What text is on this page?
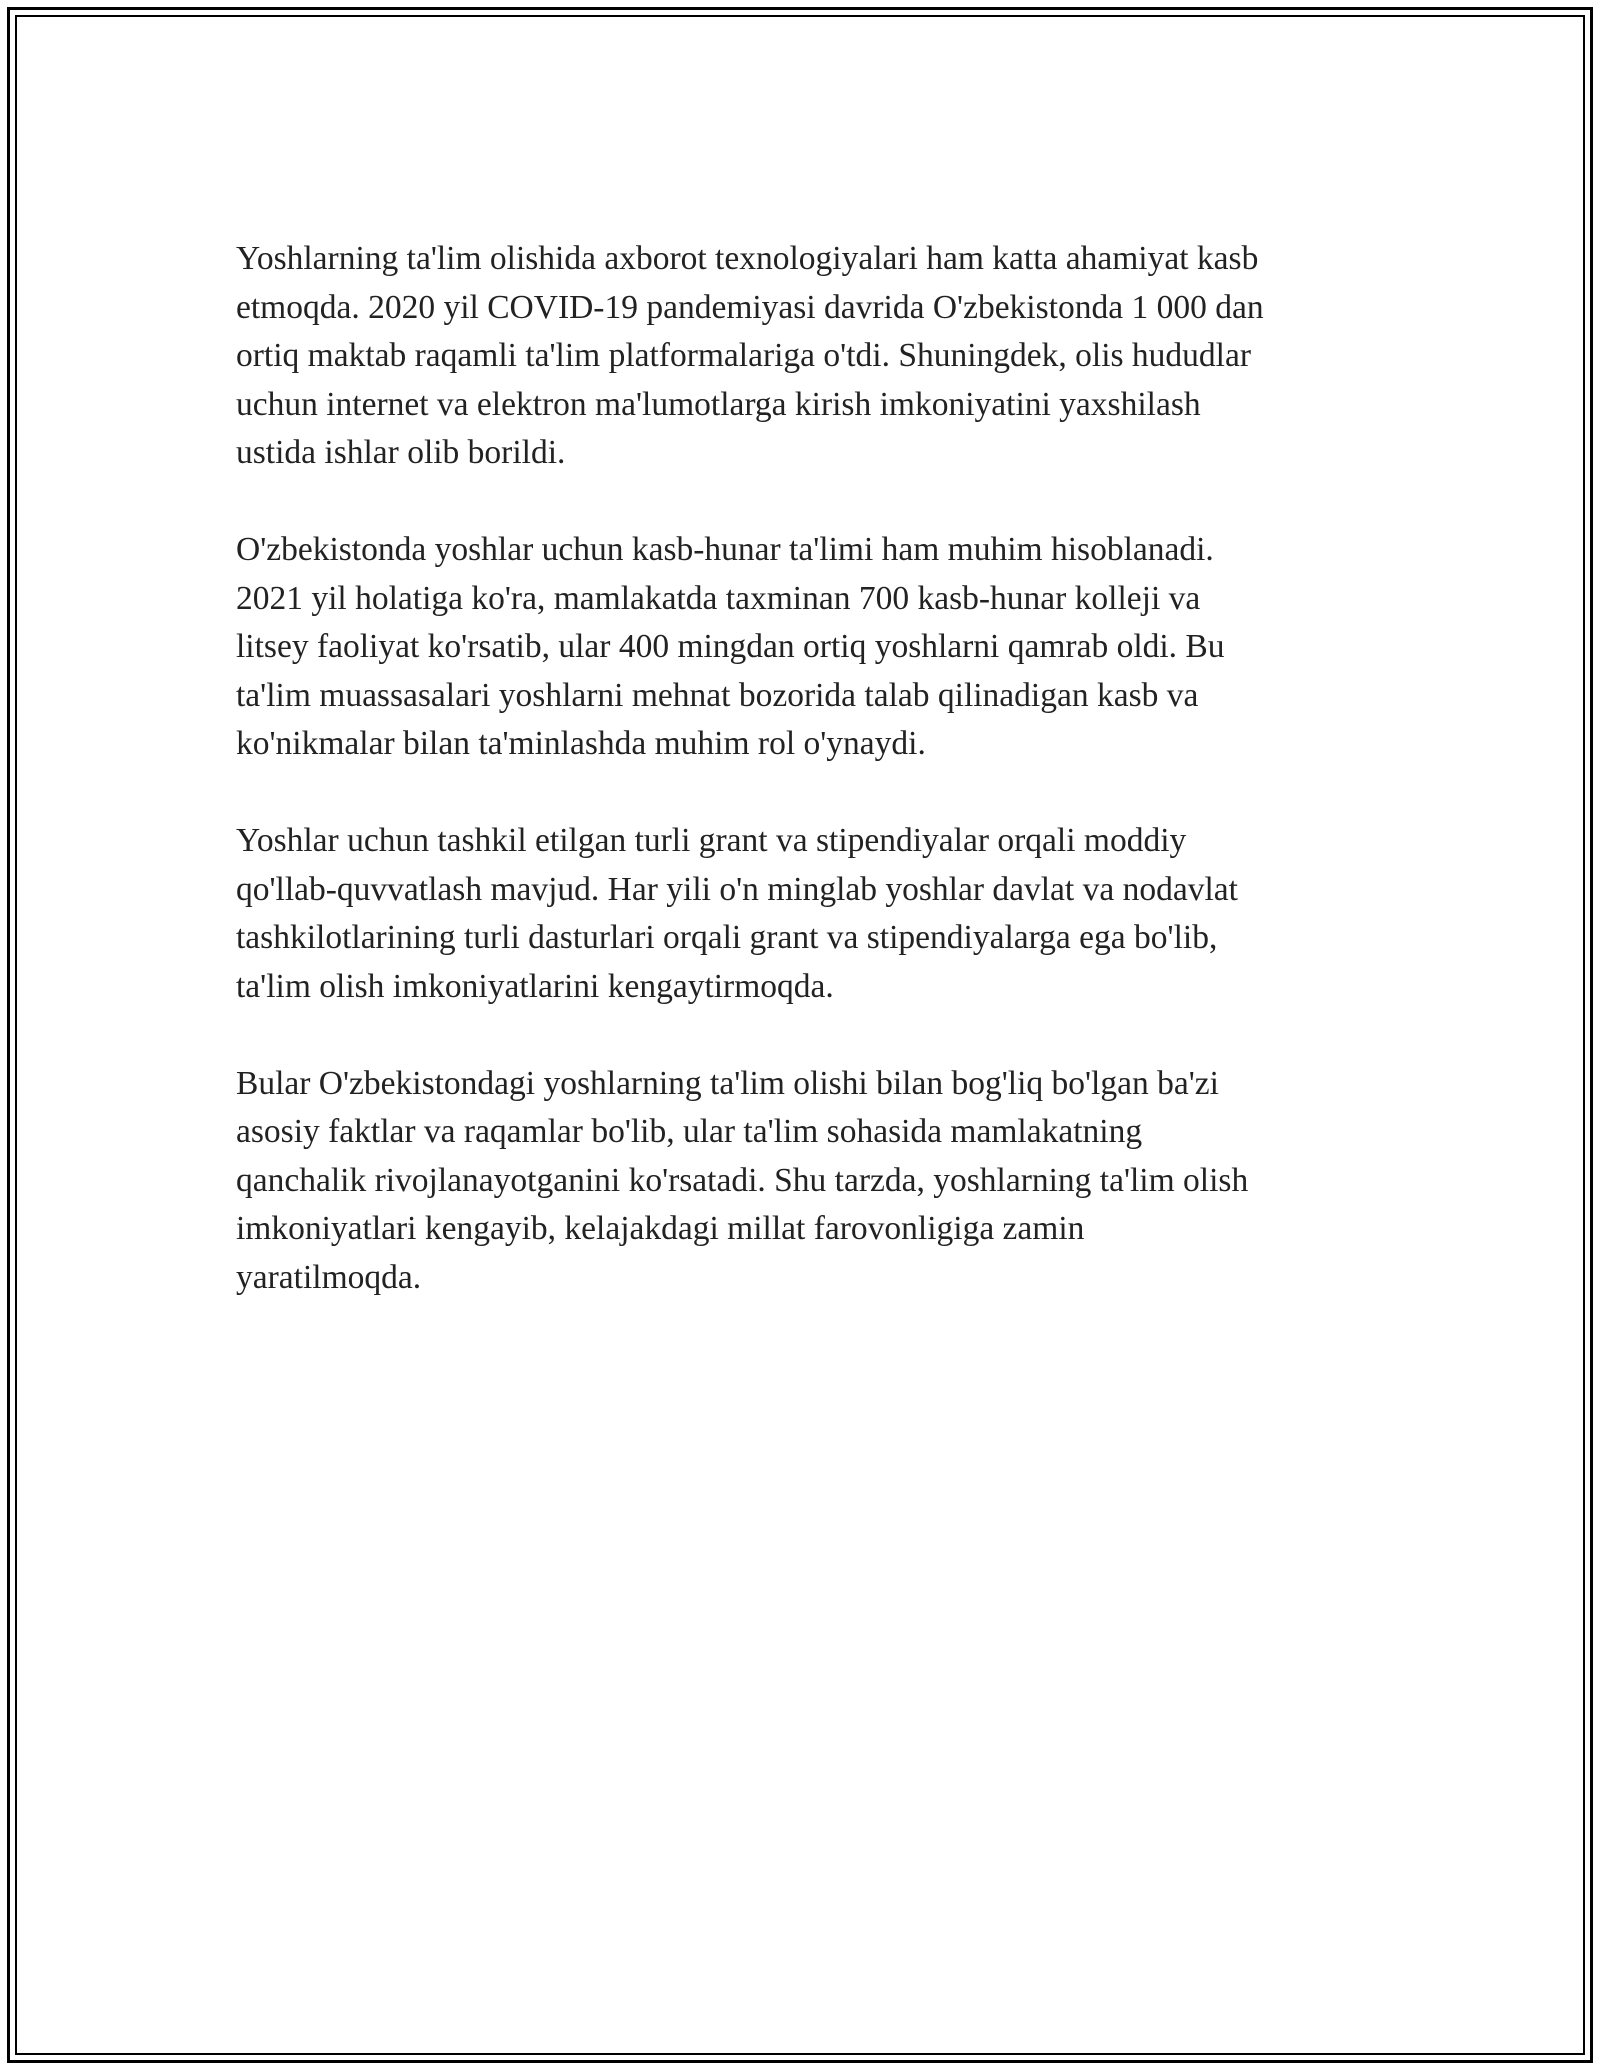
Yoshlarning ta'lim olishida axborot texnologiyalari ham katta ahamiyat kasb
etmoqda. 2020 yil COVID-19 pandemiyasi davrida O'zbekistonda 1 000 dan
ortiq maktab raqamli ta'lim platformalariga o'tdi. Shuningdek, olis hududlar
uchun internet va elektron ma'lumotlarga kirish imkoniyatini yaxshilash
ustida ishlar olib borildi.

O'zbekistonda yoshlar uchun kasb-hunar ta'limi ham muhim hisoblanadi.
2021 yil holatiga ko'ra, mamlakatda taxminan 700 kasb-hunar kolleji va
litsey faoliyat ko'rsatib, ular 400 mingdan ortiq yoshlarni qamrab oldi. Bu
ta'lim muassasalari yoshlarni mehnat bozorida talab qilinadigan kasb va
ko'nikmalar bilan ta'minlashda muhim rol o'ynaydi.

Yoshlar uchun tashkil etilgan turli grant va stipendiyalar orqali moddiy
qo'llab-quvvatlash mavjud. Har yili o'n minglab yoshlar davlat va nodavlat
tashkilotlarining turli dasturlari orqali grant va stipendiyalarga ega bo'lib,
ta'lim olish imkoniyatlarini kengaytirmoqda.

Bular O'zbekistondagi yoshlarning ta'lim olishi bilan bog'liq bo'lgan ba'zi
asosiy faktlar va raqamlar bo'lib, ular ta'lim sohasida mamlakatning
qanchalik rivojlanayotganini ko'rsatadi. Shu tarzda, yoshlarning ta'lim olish
imkoniyatlari kengayib, kelajakdagi millat farovonligiga zamin
yaratilmoqda.
